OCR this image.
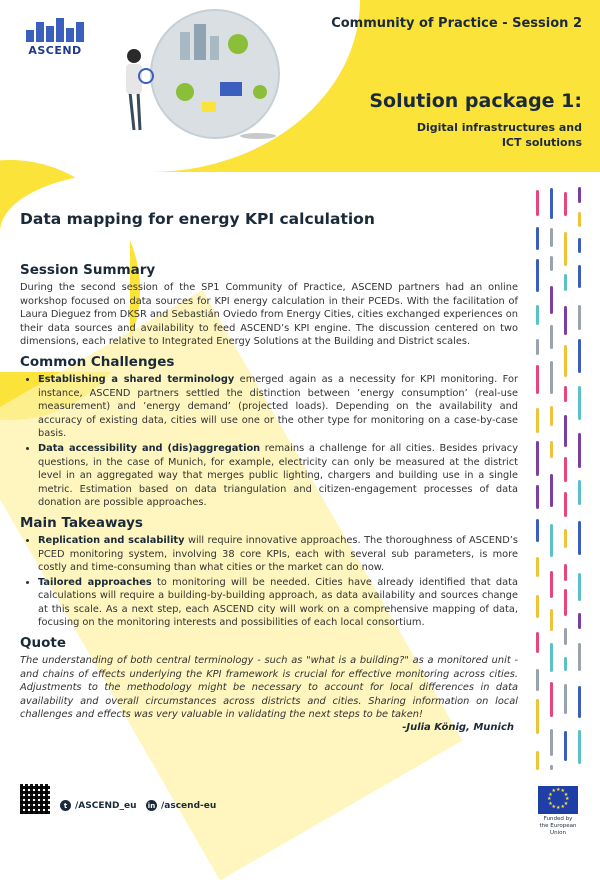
ASCEND
Community of Practice - Session 2
Solution package 1:
Digital infrastructures and
ICT solutions
Data mapping for energy KPI calculation
Session Summary

During the second session of the SP1 Community of Practice, ASCEND partners had an online workshop focused on data sources for KPI energy calculation in their PCEDs. With the facilitation of Laura Dieguez from DKSR and Sebastián Oviedo from Energy Cities, cities exchanged experiences on their data sources and availability to feed ASCEND’s KPI engine. The discussion centered on two dimensions, each relative to Integrated Energy Solutions at the Building and District scales.

Common Challenges
• Establishing a shared terminology emerged again as a necessity for KPI monitoring. For instance, ASCEND partners settled the distinction between ’energy consumption’ (real-use measurement) and ’energy demand’ (projected loads). Depending on the availability and accuracy of existing data, cities will use one or the other type for monitoring on a case-by-case basis.
• Data accessibility and (dis)aggregation remains a challenge for all cities. Besides privacy questions, in the case of Munich, for example, electricity can only be measured at the district level in an aggregated way that merges public lighting, chargers and building use in a single metric. Estimation based on data triangulation and citizen-engagement processes of data donation are possible approaches.
Main Takeaways
• Replication and scalability will require innovative approaches. The thoroughness of ASCEND’s PCED monitoring system, involving 38 core KPIs, each with several sub parameters, is more costly and time-consuming than what cities or the market can do now.
• Tailored approaches to monitoring will be needed. Cities have already identified that data calculations will require a building-by-building approach, as data availability and sources change at this scale. As a next step, each ASCEND city will work on a comprehensive mapping of data, focusing on the monitoring interests and possibilities of each local consortium.
Quote

The understanding of both central terminology - such as "what is a building?" as a monitored unit - and chains of effects underlying the KPI framework is crucial for effective monitoring across cities. Adjustments to the methodology might be necessary to account for local differences in data availability and overall circumstances across districts and cities. Sharing information on local challenges and effects was very valuable in validating the next steps to be taken!

-Julia König, Munich
t /ASCEND_eu in /ascend-eu
★
★
★
★
★
★
★
★
★ ★ ★
★
Funded by
the European Union
